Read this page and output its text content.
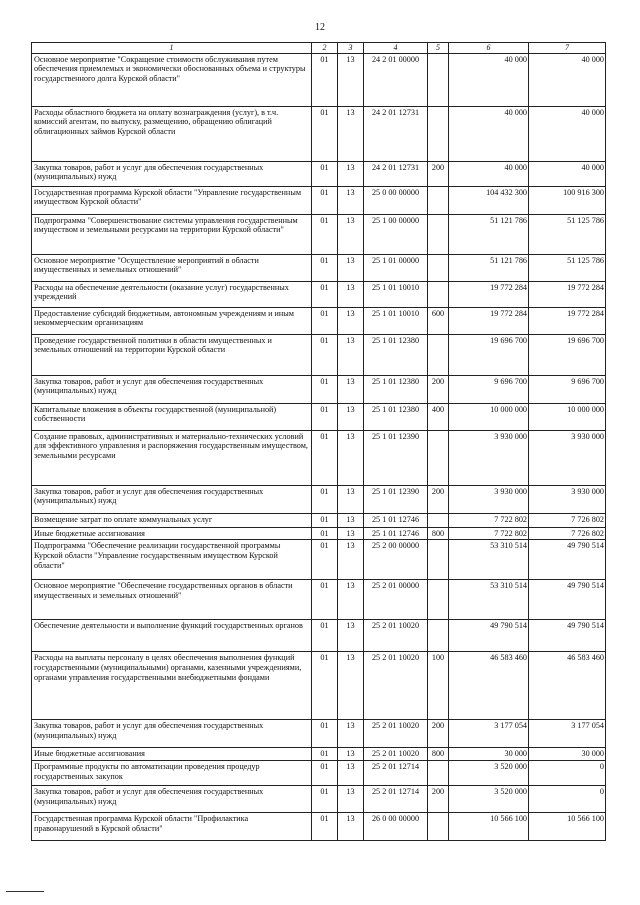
12
1	2	3	4	5	6	7
Основное мероприятие "Сокращение стоимости обслуживания путем обеспечения приемлемых и экономически обоснованных объема и структуры государственного долга Курской области"	01	13	24 2 01 00000		40 000	40 000
Расходы областного бюджета на оплату вознаграждения (услуг), в т.ч. комиссий агентам, по выпуску, размещению, обращению облигаций облигационных займов Курской области	01	13	24 2 01 12731		40 000	40 000
Закупка товаров, работ и услуг для обеспечения государственных (муниципальных) нужд	01	13	24 2 01 12731	200	40 000	40 000
Государственная программа Курской области "Управление государственным имуществом Курской области"	01	13	25 0 00 00000		104 432 300	100 916 300
Подпрограмма "Совершенствование системы управления государственным имуществом и земельными ресурсами на территории Курской области"	01	13	25 1 00 00000		51 121 786	51 125 786
Основное мероприятие "Осуществление мероприятий в области имущественных и земельных отношений"	01	13	25 1 01 00000		51 121 786	51 125 786
Расходы на обеспечение деятельности (оказание услуг) государственных учреждений	01	13	25 1 01 10010		19 772 284	19 772 284
Предоставление субсидий бюджетным, автономным учреждениям и иным некоммерческим организациям	01	13	25 1 01 10010	600	19 772 284	19 772 284
Проведение государственной политики в области имущественных и земельных отношений на территории Курской области	01	13	25 1 01 12380		19 696 700	19 696 700
Закупка товаров, работ и услуг для обеспечения государственных (муниципальных) нужд	01	13	25 1 01 12380	200	9 696 700	9 696 700
Капитальные вложения в объекты государственной (муниципальной) собственности	01	13	25 1 01 12380	400	10 000 000	10 000 000
Создание правовых, административных и материально-технических условий для эффективного управления и распоряжения государственным имуществом, земельными ресурсами	01	13	25 1 01 12390		3 930 000	3 930 000
Закупка товаров, работ и услуг для обеспечения государственных (муниципальных) нужд	01	13	25 1 01 12390	200	3 930 000	3 930 000
Возмещение затрат по оплате коммунальных услуг	01	13	25 1 01 12746		7 722 802	7 726 802
Иные бюджетные ассигнования	01	13	25 1 01 12746	800	7 722 802	7 726 802
Подпрограмма "Обеспечение реализации государственной программы Курской области "Управление государственным имуществом Курской области"	01	13	25 2 00 00000		53 310 514	49 790 514
Основное мероприятие "Обеспечение государственных органов в области имущественных и земельных отношений"	01	13	25 2 01 00000		53 310 514	49 790 514
Обеспечение деятельности и выполнение функций государственных органов	01	13	25 2 01 10020		49 790 514	49 790 514
Расходы на выплаты персоналу в целях обеспечения выполнения функций государственными (муниципальными) органами, казенными учреждениями, органами управления государственными внебюджетными фондами	01	13	25 2 01 10020	100	46 583 460	46 583 460
Закупка товаров, работ и услуг для обеспечения государственных (муниципальных) нужд	01	13	25 2 01 10020	200	3 177 054	3 177 054
Иные бюджетные ассигнования	01	13	25 2 01 10020	800	30 000	30 000
Программные продукты по автоматизации проведения процедур государственных закупок	01	13	25 2 01 12714		3 520 000	0
Закупка товаров, работ и услуг для обеспечения государственных (муниципальных) нужд	01	13	25 2 01 12714	200	3 520 000	0
Государственная программа Курской области "Профилактика правонарушений в Курской области"	01	13	26 0 00 00000		10 566 100	10 566 100
